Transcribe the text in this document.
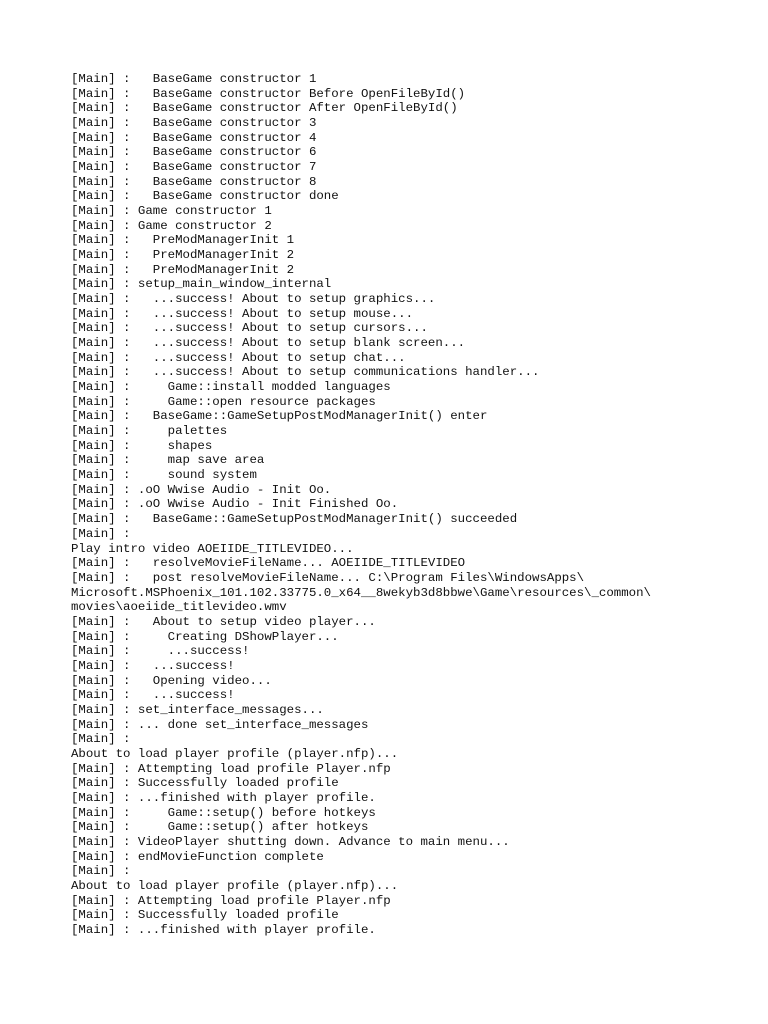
[Main] :   BaseGame constructor 1
[Main] :   BaseGame constructor Before OpenFileById()
[Main] :   BaseGame constructor After OpenFileById()
[Main] :   BaseGame constructor 3
[Main] :   BaseGame constructor 4
[Main] :   BaseGame constructor 6
[Main] :   BaseGame constructor 7
[Main] :   BaseGame constructor 8
[Main] :   BaseGame constructor done
[Main] : Game constructor 1
[Main] : Game constructor 2
[Main] :   PreModManagerInit 1
[Main] :   PreModManagerInit 2
[Main] :   PreModManagerInit 2
[Main] : setup_main_window_internal
[Main] :   ...success! About to setup graphics...
[Main] :   ...success! About to setup mouse...
[Main] :   ...success! About to setup cursors...
[Main] :   ...success! About to setup blank screen...
[Main] :   ...success! About to setup chat...
[Main] :   ...success! About to setup communications handler...
[Main] :     Game::install modded languages
[Main] :     Game::open resource packages
[Main] :   BaseGame::GameSetupPostModManagerInit() enter
[Main] :     palettes
[Main] :     shapes
[Main] :     map save area
[Main] :     sound system
[Main] : .oO Wwise Audio - Init Oo.
[Main] : .oO Wwise Audio - Init Finished Oo.
[Main] :   BaseGame::GameSetupPostModManagerInit() succeeded
[Main] :
Play intro video AOEIIDE_TITLEVIDEO...
[Main] :   resolveMovieFileName... AOEIIDE_TITLEVIDEO
[Main] :   post resolveMovieFileName... C:\Program Files\WindowsApps\
Microsoft.MSPhoenix_101.102.33775.0_x64__8wekyb3d8bbwe\Game\resources\_common\
movies\aoeiide_titlevideo.wmv
[Main] :   About to setup video player...
[Main] :     Creating DShowPlayer...
[Main] :     ...success!
[Main] :   ...success!
[Main] :   Opening video...
[Main] :   ...success!
[Main] : set_interface_messages...
[Main] : ... done set_interface_messages
[Main] :
About to load player profile (player.nfp)...
[Main] : Attempting load profile Player.nfp
[Main] : Successfully loaded profile
[Main] : ...finished with player profile.
[Main] :     Game::setup() before hotkeys
[Main] :     Game::setup() after hotkeys
[Main] : VideoPlayer shutting down. Advance to main menu...
[Main] : endMovieFunction complete
[Main] :
About to load player profile (player.nfp)...
[Main] : Attempting load profile Player.nfp
[Main] : Successfully loaded profile
[Main] : ...finished with player profile.
